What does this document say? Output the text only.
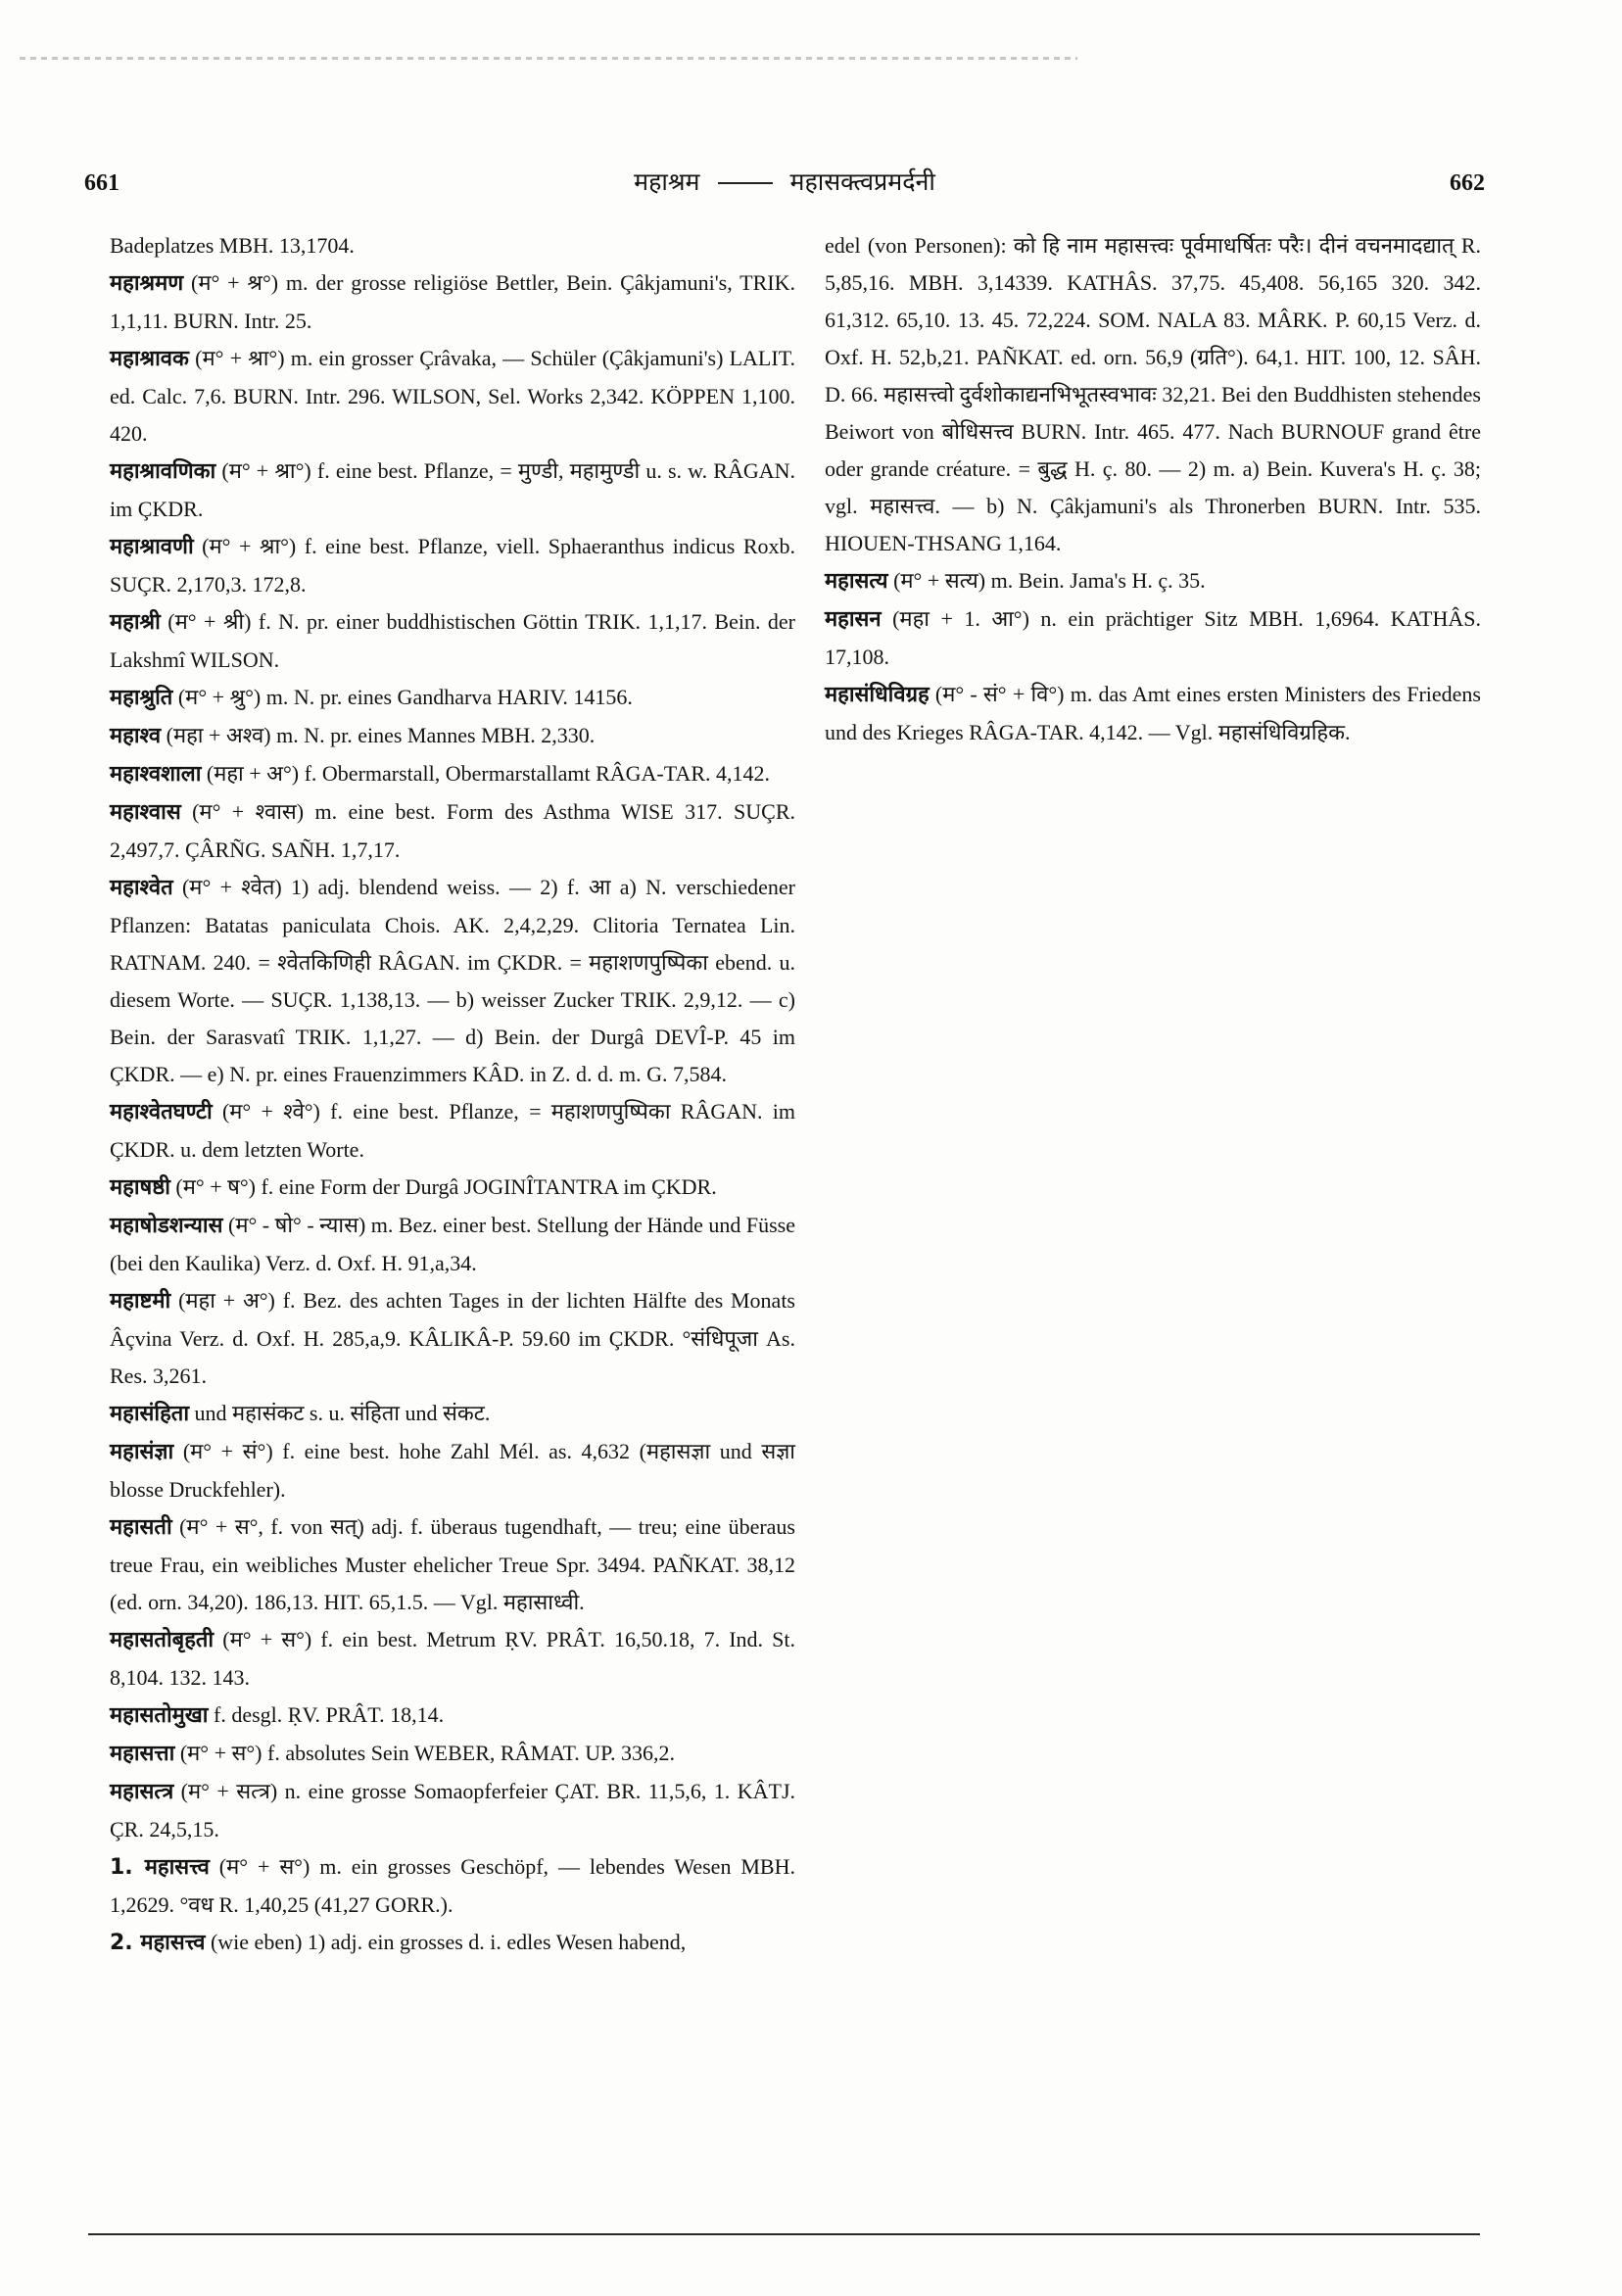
661	महाश्रम	महासक्त्वप्रमर्दनी	662

Badeplatzes MBH. 13,1704.

महाश्रमण (म° + श्र°) m. der grosse religiöse Bettler, Bein. Çâkjamuni's, TRIK. 1,1,11. BURN. Intr. 25.

महाश्रावक (म° + श्रा°) m. ein grosser Çrâvaka, — Schüler (Çâkjamuni's) LALIT. ed. Calc. 7,6. BURN. Intr. 296. WILSON, Sel. Works 2,342. KÖPPEN 1,100. 420.

महाश्रावणिका (म° + श्रा°) f. eine best. Pflanze, = मुण्डी, महामुण्डी u. s. w. RÂGAN. im ÇKDR.

महाश्रावणी (म° + श्रा°) f. eine best. Pflanze, viell. Sphaeranthus indicus Roxb. SUÇR. 2,170,3. 172,8.

महाश्री (म° + श्री) f. N. pr. einer buddhistischen Göttin TRIK. 1,1,17. Bein. der Lakshmî WILSON.

महाश्रुति (म° + श्रु°) m. N. pr. eines Gandharva HARIV. 14156.

महाश्व (महा + अश्व) m. N. pr. eines Mannes MBH. 2,330.

महाश्वशाला (महा + अ°) f. Obermarstall, Obermarstallamt RÂGA-TAR. 4,142.

महाश्वास (म° + श्वास) m. eine best. Form des Asthma WISE 317. SUÇR. 2,497,7. ÇÂRÑG. SAÑH. 1,7,17.

महाश्वेत (म° + श्वेत) 1) adj. blendend weiss. — 2) f. आ a) N. verschiedener Pflanzen: Batatas paniculata Chois. AK. 2,4,2,29. Clitoria Ternatea Lin. RATNAM. 240. = श्वेतकिणिही RÂGAN. im ÇKDR. = महाशणपुष्पिका ebend. u. diesem Worte. — SUÇR. 1,138,13. — b) weisser Zucker TRIK. 2,9,12. — c) Bein. der Sarasvatî TRIK. 1,1,27. — d) Bein. der Durgâ DEVÎ-P. 45 im ÇKDR. — e) N. pr. eines Frauenzimmers KÂD. in Z. d. d. m. G. 7,584.

महाश्वेतघण्टी (म° + श्वे°) f. eine best. Pflanze, = महाशणपुष्पिका RÂGAN. im ÇKDR. u. dem letzten Worte.

महाषष्ठी (म° + ष°) f. eine Form der Durgâ JOGINÎTANTRA im ÇKDR.

महाषोडशन्यास (म° - षो° - न्यास) m. Bez. einer best. Stellung der Hände und Füsse (bei den Kaulika) Verz. d. Oxf. H. 91,a,34.

महाष्टमी (महा + अ°) f. Bez. des achten Tages in der lichten Hälfte des Monats Âçvina Verz. d. Oxf. H. 285,a,9. KÂLIKÂ-P. 59.60 im ÇKDR. °संधिपूजा As. Res. 3,261.

महासंहिता und महासंकट s. u. संहिता und संकट.

महासंज्ञा (म° + सं°) f. eine best. hohe Zahl Mél. as. 4,632 (महासज्ञा und सज्ञा blosse Druckfehler).

महासती (म° + स°, f. von सत्) adj. f. überaus tugendhaft, — treu; eine überaus treue Frau, ein weibliches Muster ehelicher Treue Spr. 3494. PAÑKAT. 38,12 (ed. orn. 34,20). 186,13. HIT. 65,1.5. — Vgl. महासाध्वी.

महासतोबृहती (म° + स°) f. ein best. Metrum ṚV. PRÂT. 16,50.18, 7. Ind. St. 8,104. 132. 143.

महासतोमुखा f. desgl. ṚV. PRÂT. 18,14.

महासत्ता (म° + स°) f. absolutes Sein WEBER, RÂMAT. UP. 336,2.

महासत्त्र (म° + सत्त्र) n. eine grosse Somaopferfeier ÇAT. BR. 11,5,6, 1. KÂTJ. ÇR. 24,5,15.

1. महासत्त्व (म° + स°) m. ein grosses Geschöpf, — lebendes Wesen MBH. 1,2629. °वध R. 1,40,25 (41,27 GORR.).

2. महासत्त्व (wie eben) 1) adj. ein grosses d. i. edles Wesen habend,

edel (von Personen): को हि नाम महासत्त्वः पूर्वमाधर्षितः परैः। दीनं वचनमादद्यात् R. 5,85,16. MBH. 3,14339. KATHÂS. 37,75. 45,408. 56,165 320. 342. 61,312. 65,10. 13. 45. 72,224. SOM. NALA 83. MÂRK. P. 60,15 Verz. d. Oxf. H. 52,b,21. PAÑKAT. ed. orn. 56,9 (ग्रति°). 64,1. HIT. 100, 12. SÂH. D. 66. महासत्त्वो दुर्वशोकाद्यनभिभूतस्वभावः 32,21. Bei den Buddhisten stehendes Beiwort von बोधिसत्त्व BURN. Intr. 465. 477. Nach BURNOUF grand être oder grande créature. = बुद्ध H. ç. 80. — 2) m. a) Bein. Kuvera's H. ç. 38; vgl. महासत्त्व. — b) N. Çâkjamuni's als Thronerben BURN. Intr. 535. HIOUEN-THSANG 1,164.

महासत्य (म° + सत्य) m. Bein. Jama's H. ç. 35.

महासन (महा + 1. आ°) n. ein prächtiger Sitz MBH. 1,6964. KATHÂS. 17,108.

महासंधिविग्रह (म° - सं° + वि°) m. das Amt eines ersten Ministers des Friedens und des Krieges RÂGA-TAR. 4,142. — Vgl. महासंधिविग्रहिक.
